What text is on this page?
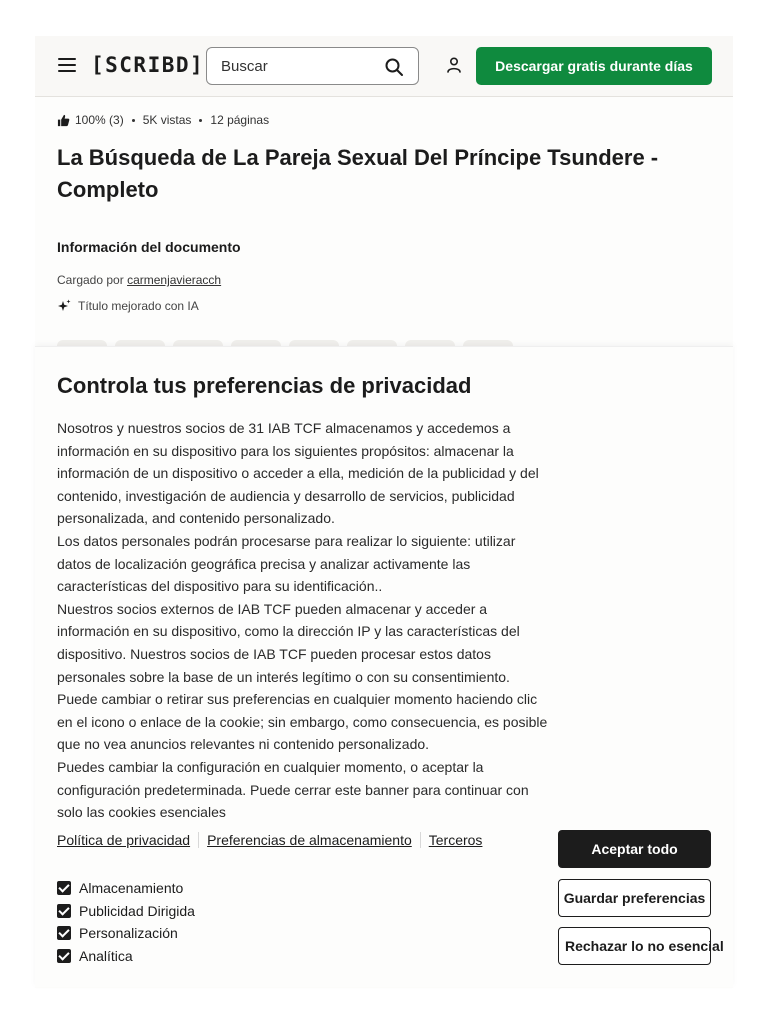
[SCRIBD]
Buscar	Descargar gratis durante días
100% (3) 5K vistas 12 páginas
La Búsqueda de La Pareja Sexual Del Príncipe Tsundere - Completo
Información del documento
Cargado por carmenjavieracch
Título mejorado con IA
Controla tus preferencias de privacidad

Nosotros y nuestros socios de 31 IAB TCF almacenamos y accedemos a información en su dispositivo para los siguientes propósitos: almacenar la información de un dispositivo o acceder a ella, medición de la publicidad y del contenido, investigación de audiencia y desarrollo de servicios, publicidad personalizada, and contenido personalizado.

Los datos personales podrán procesarse para realizar lo siguiente: utilizar datos de localización geográfica precisa y analizar activamente las características del dispositivo para su identificación..

Nuestros socios externos de IAB TCF pueden almacenar y acceder a información en su dispositivo, como la dirección IP y las características del dispositivo. Nuestros socios de IAB TCF pueden procesar estos datos personales sobre la base de un interés legítimo o con su consentimiento. Puede cambiar o retirar sus preferencias en cualquier momento haciendo clic en el icono o enlace de la cookie; sin embargo, como consecuencia, es posible que no vea anuncios relevantes ni contenido personalizado.

Puedes cambiar la configuración en cualquier momento, o aceptar la configuración predeterminada. Puede cerrar este banner para continuar con solo las cookies esenciales

Política de privacidad Preferencias de almacenamiento Terceros
Almacenamiento
Publicidad Dirigida
Personalización
Analítica
Aceptar todo
Guardar preferencias
Rechazar lo no esencial
